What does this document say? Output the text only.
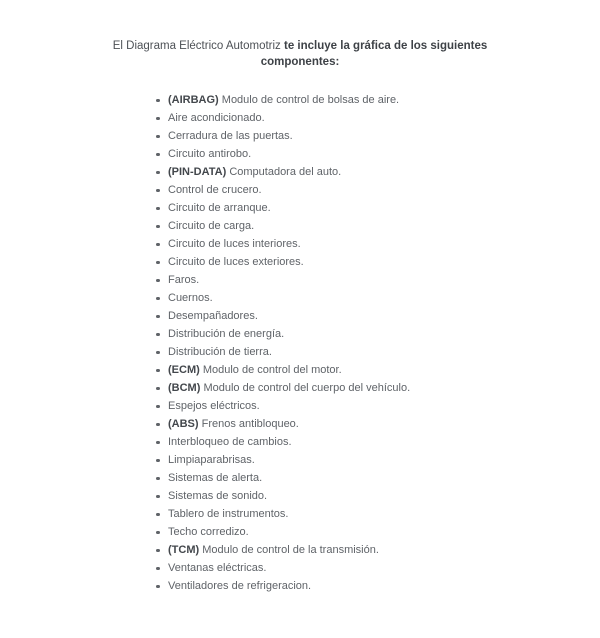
El Diagrama Eléctrico Automotriz te incluye la gráfica de los siguientes
componentes:
(AIRBAG) Modulo de control de bolsas de aire.
Aire acondicionado.
Cerradura de las puertas.
Circuito antirobo.
(PIN-DATA) Computadora del auto.
Control de crucero.
Circuito de arranque.
Circuito de carga.
Circuito de luces interiores.
Circuito de luces exteriores.
Faros.
Cuernos.
Desempañadores.
Distribución de energía.
Distribución de tierra.
(ECM) Modulo de control del motor.
(BCM) Modulo de control del cuerpo del vehículo.
Espejos eléctricos.
(ABS) Frenos antibloqueo.
Interbloqueo de cambios.
Limpiaparabrisas.
Sistemas de alerta.
Sistemas de sonido.
Tablero de instrumentos.
Techo corredizo.
(TCM) Modulo de control de la transmisión.
Ventanas eléctricas.
Ventiladores de refrigeracion.
